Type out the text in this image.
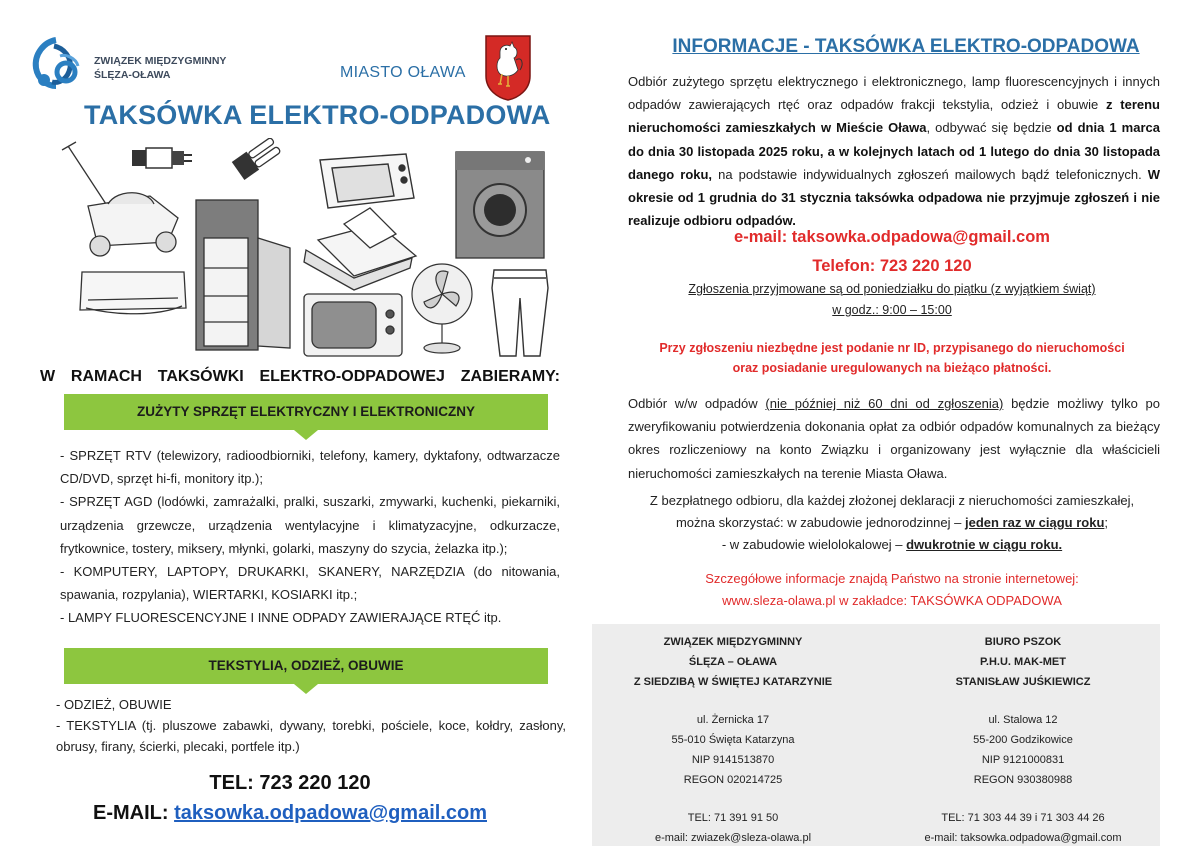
ZWIĄZEK MIĘDZYGMINNY
ŚLĘZA-OŁAWA	MIASTO OŁAWA
TAKSÓWKA ELEKTRO-ODPADOWA
W RAMACH TAKSÓWKI ELEKTRO-ODPADOWEJ ZABIERAMY:
ZUŻYTY SPRZĘT ELEKTRYCZNY I ELEKTRONICZNY
- SPRZĘT RTV (telewizory, radioodbiorniki, telefony, kamery, dyktafony, odtwarzacze CD/DVD, sprzęt hi-fi, monitory itp.);
- SPRZĘT AGD (lodówki, zamrażalki, pralki, suszarki, zmywarki, kuchenki, piekarniki, urządzenia grzewcze, urządzenia wentylacyjne i klimatyzacyjne, odkurzacze, frytkownice, tostery, miksery, młynki, golarki, maszyny do szycia, żelazka itp.);
- KOMPUTERY, LAPTOPY, DRUKARKI, SKANERY, NARZĘDZIA (do nitowania, spawania, rozpylania), WIERTARKI, KOSIARKI itp.;
- LAMPY FLUORESCENCYJNE I INNE ODPADY ZAWIERAJĄCE RTĘĆ itp.
TEKSTYLIA, ODZIEŻ, OBUWIE
- ODZIEŻ, OBUWIE
- TEKSTYLIA (tj. pluszowe zabawki, dywany, torebki, pościele, koce, kołdry, zasłony, obrusy, firany, ścierki, plecaki, portfele itp.)
TEL: 723 220 120
E-MAIL: taksowka.odpadowa@gmail.com
INFORMACJE - TAKSÓWKA ELEKTRO-ODPADOWA
Odbiór zużytego sprzętu elektrycznego i elektronicznego, lamp fluorescencyjnych i innych odpadów zawierających rtęć oraz odpadów frakcji tekstylia, odzież i obuwie z terenu nieruchomości zamieszkałych w Mieście Oława, odbywać się będzie od dnia 1 marca do dnia 30 listopada 2025 roku, a w kolejnych latach od 1 lutego do dnia 30 listopada danego roku, na podstawie indywidualnych zgłoszeń mailowych bądź telefonicznych. W okresie od 1 grudnia do 31 stycznia taksówka odpadowa nie przyjmuje zgłoszeń i nie realizuje odbioru odpadów.
e-mail: taksowka.odpadowa@gmail.com
Telefon: 723 220 120
Zgłoszenia przyjmowane są od poniedziałku do piątku (z wyjątkiem świąt)
w godz.: 9:00 – 15:00
Przy zgłoszeniu niezbędne jest podanie nr ID, przypisanego do nieruchomości
oraz posiadanie uregulowanych na bieżąco płatności.
Odbiór w/w odpadów (nie później niż 60 dni od zgłoszenia) będzie możliwy tylko po zweryfikowaniu potwierdzenia dokonania opłat za odbiór odpadów komunalnych za bieżący okres rozliczeniowy na konto Związku i organizowany jest wyłącznie dla właścicieli nieruchomości zamieszkałych na terenie Miasta Oława.
Z bezpłatnego odbioru, dla każdej złożonej deklaracji z nieruchomości zamieszkałej,
można skorzystać: w zabudowie jednorodzinnej – jeden raz w ciągu roku;
- w zabudowie wielolokalowej – dwukrotnie w ciągu roku.
Szczegółowe informacje znajdą Państwo na stronie internetowej:
www.sleza-olawa.pl w zakładce: TAKSÓWKA ODPADOWA
ZWIĄZEK MIĘDZYGMINNY
ŚLĘZA – OŁAWA
Z SIEDZIBĄ W ŚWIĘTEJ KATARZYNIE
ul. Żernicka 17
55-010 Święta Katarzyna
NIP 9141513870
REGON 020214725
TEL: 71 391 91 50
e-mail: zwiazek@sleza-olawa.pl
BIURO PSZOK
P.H.U. MAK-MET
STANISŁAW JUŚKIEWICZ
ul. Stalowa 12
55-200 Godzikowice
NIP 9121000831
REGON 930380988
TEL: 71 303 44 39 i 71 303 44 26
e-mail: taksowka.odpadowa@gmail.com
